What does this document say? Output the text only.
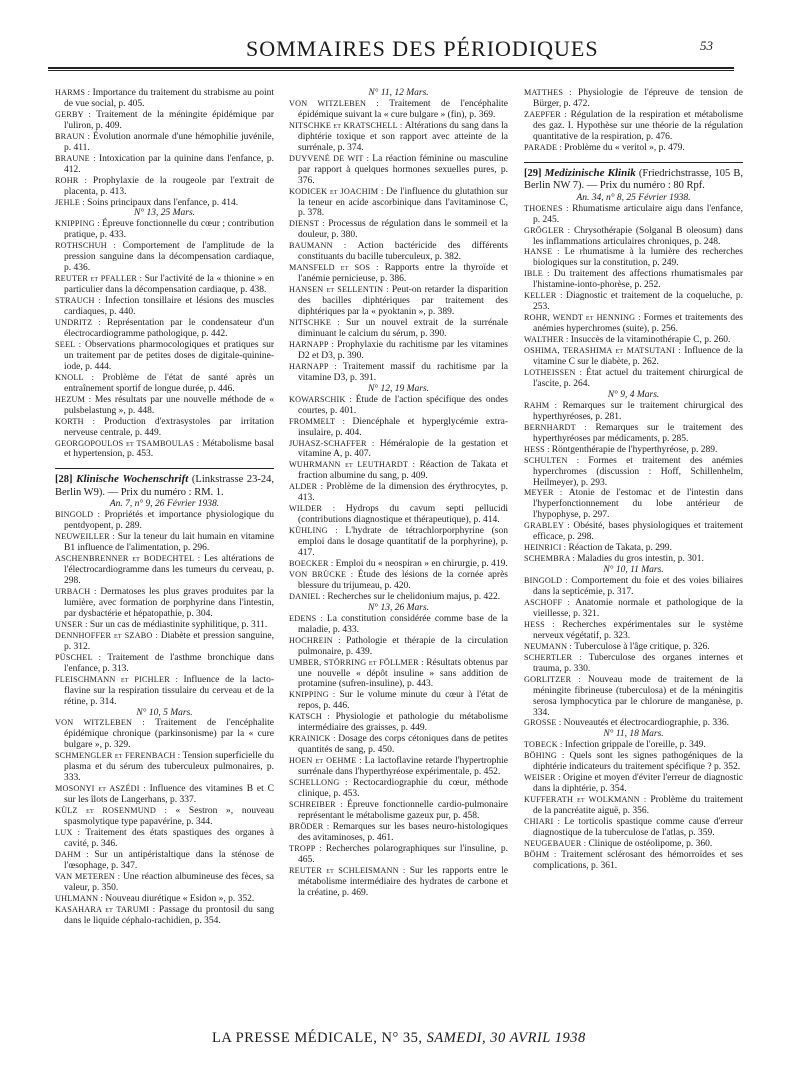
SOMMAIRES DES PÉRIODIQUES	53

HARMS : Importance du traitement du strabisme au point de vue social, p. 405.

GERBY : Traitement de la méningite épidémique par l'uliron, p. 409.

BRAUN : Évolution anormale d'une hémophilie juvénile, p. 411.

BRAUNE : Intoxication par la quinine dans l'enfance, p. 412.

ROHR : Prophylaxie de la rougeole par l'extrait de placenta, p. 413.

JEHLE : Soins principaux dans l'enfance, p. 414.

N° 13, 25 Mars.

KNIPPING : Épreuve fonctionnelle du cœur ; contribution pratique, p. 433.

ROTHSCHUH : Comportement de l'amplitude de la pression sanguine dans la décompensation cardiaque, p. 436.

REUTER et PFALLER : Sur l'activité de la « thionine » en particulier dans la décompensation cardiaque, p. 438.

STRAUCH : Infection tonsillaire et lésions des muscles cardiaques, p. 440.

UNDRITZ : Représentation par le condensateur d'un électrocardiogramme pathologique, p. 442.

SEEL : Observations pharmocologiques et pratiques sur un traitement par de petites doses de digitale-quinine-iode, p. 444.

KNOLL : Problème de l'état de santé après un entraînement sportif de longue durée, p. 446.

HEZUM : Mes résultats par une nouvelle méthode de « pulsbelastung », p. 448.

KORTH : Production d'extrasystoles par irritation nerveuse centrale, p. 449.

GEORGOPOULOS et TSAMBOULAS : Métabolisme basal et hypertension, p. 453.

[28] Klinische Wochenschrift (Linkstrasse 23-24, Berlin W9). — Prix du numéro : RM. 1.

An. 7, n° 9, 26 Février 1938.

BINGOLD : Propriétés et importance physiologique du pentdyopent, p. 289.

NEUWEILLER : Sur la teneur du lait humain en vitamine B1 influence de l'alimentation, p. 296.

ASCHENBRENNER et BODECHTEL : Les altérations de l'électrocardiogramme dans les tumeurs du cerveau, p. 298.

URBACH : Dermatoses les plus graves produites par la lumière, avec formation de porphyrine dans l'intestin, par dysbactérie et hépatopathie, p. 304.

UNSER : Sur un cas de médiastinite syphilitique, p. 311.

DENNHOFFER et SZABO : Diabète et pression sanguine, p. 312.

PÜSCHEL : Traitement de l'asthme bronchique dans l'enfance, p. 313.

FLEISCHMANN et PICHLER : Influence de la lacto-flavine sur la respiration tissulaire du cerveau et de la rétine, p. 314.

N° 10, 5 Mars.

VON WITZLEBEN : Traitement de l'encéphalite épidémique chronique (parkinsonisme) par la « cure bulgare », p. 329.

SCHMENGLER et FERENBACH : Tension superficielle du plasma et du sérum des tuberculeux pulmonaires, p. 333.

MOSONYI et ASZÉDI : Influence des vitamines B et C sur les îlots de Langerhans, p. 337.

KÜLZ et ROSENMUND : « Sestron », nouveau spasmolytique type papavérine, p. 344.

LUX : Traitement des états spastiques des organes à cavité, p. 346.

DAHM : Sur un antipéristaltique dans la sténose de l'œsophage, p. 347.

VAN METEREN : Une réaction albumineuse des fèces, sa valeur, p. 350.

UHLMANN : Nouveau diurétique « Esidon », p. 352.

KASAHARA et TARUMI : Passage du prontosil du sang dans le liquide céphalo-rachidien, p. 354.

N° 11, 12 Mars.

VON WITZLEBEN : Traitement de l'encéphalite épidémique suivant la « cure bulgare » (fin), p. 369.

NITSCHKE et KRATSCHELL : Altérations du sang dans la diphtérie toxique et son rapport avec atteinte de la surrénale, p. 374.

DUYVENÉ DE WIT : La réaction féminine ou masculine par rapport à quelques hormones sexuelles pures, p. 376.

KODICEK et JOACHIM : De l'influence du glutathion sur la teneur en acide ascorbinique dans l'avitaminose C, p. 378.

DIENST : Processus de régulation dans le sommeil et la douleur, p. 380.

BAUMANN : Action bactéricide des différents constituants du bacille tuberculeux, p. 382.

MANSFELD et SOS : Rapports entre la thyroïde et l'anémie pernicieuse, p. 386.

HANSEN et SELLENTIN : Peut-on retarder la disparition des bacilles diphtériques par traitement des diphtériques par la « pyoktanin », p. 389.

NITSCHKE : Sur un nouvel extrait de la surrénale diminuant le calcium du sérum, p. 390.

HARNAPP : Prophylaxie du rachitisme par les vitamines D2 et D3, p. 390.

HARNAPP : Traitement massif du rachitisme par la vitamine D3, p. 391.

N° 12, 19 Mars.

KOWARSCHIK : Étude de l'action spécifique des ondes courtes, p. 401.

FROMMELT : Diencéphale et hyperglycémie extra-insulaire, p. 404.

JUHASZ-SCHAFFER : Héméralopie de la gestation et vitamine A, p. 407.

WUHRMANN et LEUTHARDT : Réaction de Takata et fraction albumine du sang, p. 409.

ALDER : Problème de la dimension des érythrocytes, p. 413.

WILDER : Hydrops du cavum septi pellucidi (contributions diagnostique et thérapeutique), p. 414.

KÜHLING : L'hydrate de tétrachlorporphyrine (son emploi dans le dosage quantitatif de la porphyrine), p. 417.

BOECKER : Emploi du « neospiran » en chirurgie, p. 419.

VON BRÜCKE : Étude des lésions de la cornée après blessure du trijumeau, p. 420.

DANIEL : Recherches sur le chelidonium majus, p. 422.

N° 13, 26 Mars.

EDENS : La constitution considérée comme base de la maladie, p. 433.

HOCHREIN : Pathologie et thérapie de la circulation pulmonaire, p. 439.

UMBER, STÖRRING et FÖLLMER : Résultats obtenus par une nouvelle « dépôt insuline » sans addition de protamine (sufren-insuline), p. 443.

KNIPPING : Sur le volume minute du cœur à l'état de repos, p. 446.

KATSCH : Physiologie et pathologie du métabolisme intermédiaire des graisses, p. 449.

KRAINICK : Dosage des corps cétoniques dans de petites quantités de sang, p. 450.

HOEN et OEHME : La lactoflavine retarde l'hypertrophie surrénale dans l'hyperthyréose expérimentale, p. 452.

SCHELLONG : Rectocardiographie du cœur, méthode clinique, p. 453.

SCHREIBER : Épreuve fonctionnelle cardio-pulmonaire représentant le métabolisme gazeux pur, p. 458.

BRÖDER : Remarques sur les bases neuro-histologiques des avitaminoses, p. 461.

TROPP : Recherches polarographiques sur l'insuline, p. 465.

REUTER et SCHLEISMANN : Sur les rapports entre le métabolisme intermédiaire des hydrates de carbone et la créatine, p. 469.

MATTHES : Physiologie de l'épreuve de tension de Bürger, p. 472.

ZAEPFER : Régulation de la respiration et métabolisme des gaz. I. Hypothèse sur une théorie de la régulation quantitative de la respiration, p. 476.

PARADE : Problème du « veritol », p. 479.

[29] Medizinische Klinik (Friedrichstrasse, 105 B, Berlin NW 7). — Prix du numéro : 80 Rpf.

An. 34, n° 8, 25 Février 1938.

THOENES : Rhumatisme articulaire aigu dans l'enfance, p. 245.

GRÖGLER : Chrysothérapie (Solganal B oleosum) dans les inflammations articulaires chroniques, p. 248.

HANSE : Le rhumatisme à la lumière des recherches biologiques sur la constitution, p. 249.

IBLE : Du traitement des affections rhumatismales par l'histamine-ionto-phorèse, p. 252.

KELLER : Diagnostic et traitement de la coqueluche, p. 253.

ROHR, WENDT et HENNING : Formes et traitements des anémies hyperchromes (suite), p. 256.

WALTHER : Insuccès de la vitaminothérapie C, p. 260.

OSHIMA, TERASHIMA et MATSUTANI : Influence de la vitamine C sur le diabète, p. 262.

LOTHEISSEN : État actuel du traitement chirurgical de l'ascite, p. 264.

N° 9, 4 Mars.

RAHM : Remarques sur le traitement chirurgical des hyperthyréoses, p. 281.

BERNHARDT : Remarques sur le traitement des hyperthyréoses par médicaments, p. 285.

HESS : Röntgenthérapie de l'hyperthyréose, p. 289.

SCHULTEN : Formes et traitement des anémies hyperchromes (discussion : Hoff, Schillenhelm, Heilmeyer), p. 293.

MEYER : Atonie de l'estomac et de l'intestin dans l'hyperfonctionnement du lobe antérieur de l'hypophyse, p. 297.

GRABLEY : Obésité, bases physiologiques et traitement efficace, p. 298.

HEINRICI : Réaction de Takata, p. 299.

SCHEMBRA : Maladies du gros intestin, p. 301.

N° 10, 11 Mars.

BINGOLD : Comportement du foie et des voies biliaires dans la septicémie, p. 317.

ASCHOFF : Anatomie normale et pathologique de la vieillesse, p. 321.

HESS : Recherches expérimentales sur le système nerveux végétatif, p. 323.

NEUMANN : Tuberculose à l'âge critique, p. 326.

SCHERTLER : Tuberculose des organes internes et trauma, p. 330.

GORLITZER : Nouveau mode de traitement de la méningite fibrineuse (tuberculosa) et de la méningitis serosa lymphocytica par le chlorure de manganèse, p. 334.

GROSSE : Nouveautés et électrocardiographie, p. 336.

N° 11, 18 Mars.

TOBECK : Infection grippale de l'oreille, p. 349.

BÖHING : Quels sont les signes pathogéniques de la diphtérie indicateurs du traitement spécifique ? p. 352.

WEISER : Origine et moyen d'éviter l'erreur de diagnostic dans la diphtérie, p. 354.

KUFFERATH et WOLKMANN : Problème du traitement de la pancréatite aiguë, p. 356.

CHIARI : Le torticolis spastique comme cause d'erreur diagnostique de la tuberculose de l'atlas, p. 359.

NEUGEBAUER : Clinique de ostéolipome, p. 360.

BÖHM : Traitement sclérosant des hémorroïdes et ses complications, p. 361.

LA PRESSE MÉDICALE, N° 35, SAMEDI, 30 AVRIL 1938
